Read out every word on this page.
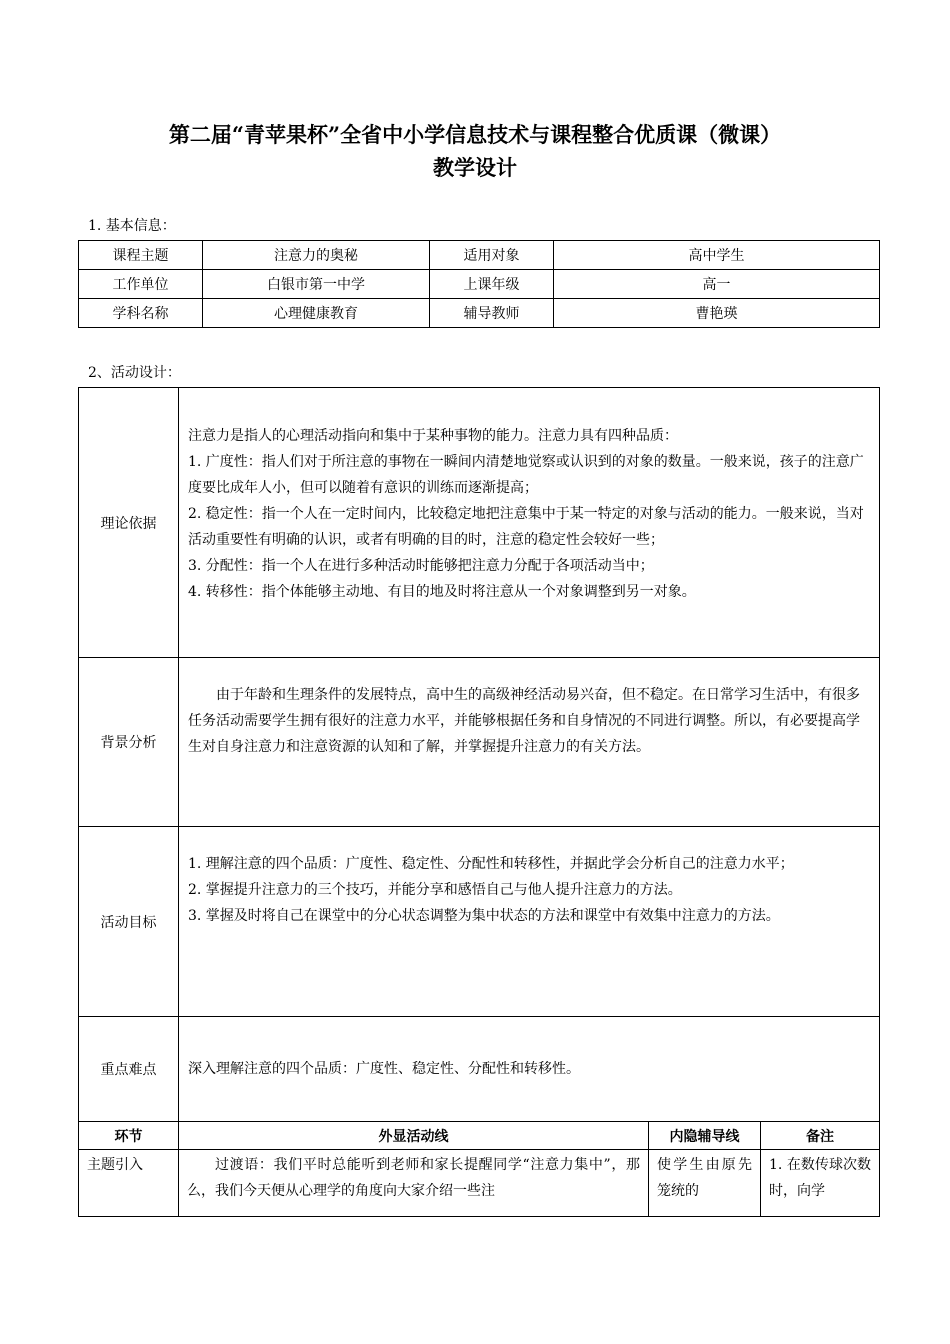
第二届“青苹果杯”全省中小学信息技术与课程整合优质课（微课）
教学设计
1. 基本信息：
课程主题	注意力的奥秘	适用对象	高中学生
工作单位	白银市第一中学	上课年级	高一
学科名称	心理健康教育	辅导教师	曹艳瑛
2、活动设计：
理论依据	注意力是指人的心理活动指向和集中于某种事物的能力。注意力具有四种品质：

1. 广度性：指人们对于所注意的事物在一瞬间内清楚地觉察或认识到的对象的数量。一般来说，孩子的注意广度要比成年人小，但可以随着有意识的训练而逐渐提高；

2. 稳定性：指一个人在一定时间内，比较稳定地把注意集中于某一特定的对象与活动的能力。一般来说，当对活动重要性有明确的认识，或者有明确的目的时，注意的稳定性会较好一些；

3. 分配性：指一个人在进行多种活动时能够把注意力分配于各项活动当中；

4. 转移性：指个体能够主动地、有目的地及时将注意从一个对象调整到另一对象。		

背景分析	由于年龄和生理条件的发展特点，高中生的高级神经活动易兴奋，但不稳定。在日常学习生活中，有很多任务活动需要学生拥有很好的注意力水平，并能够根据任务和自身情况的不同进行调整。所以，有必要提高学生对自身注意力和注意资源的认知和了解，并掌握提升注意力的有关方法。		

活动目标	1. 理解注意的四个品质：广度性、稳定性、分配性和转移性，并据此学会分析自己的注意力水平；

2. 掌握提升注意力的三个技巧，并能分享和感悟自己与他人提升注意力的方法。

3. 掌握及时将自己在课堂中的分心状态调整为集中状态的方法和课堂中有效集中注意力的方法。		

重点难点	深入理解注意的四个品质：广度性、稳定性、分配性和转移性。		

环节	外显活动线	内隐辅导线	备注

主题引入	过渡语：我们平时总能听到老师和家长提醒同学“注意力集中”，那么，我们今天便从心理学的角度向大家介绍一些注	使学生由原先笼统的	1. 在数传球次数时，向学
